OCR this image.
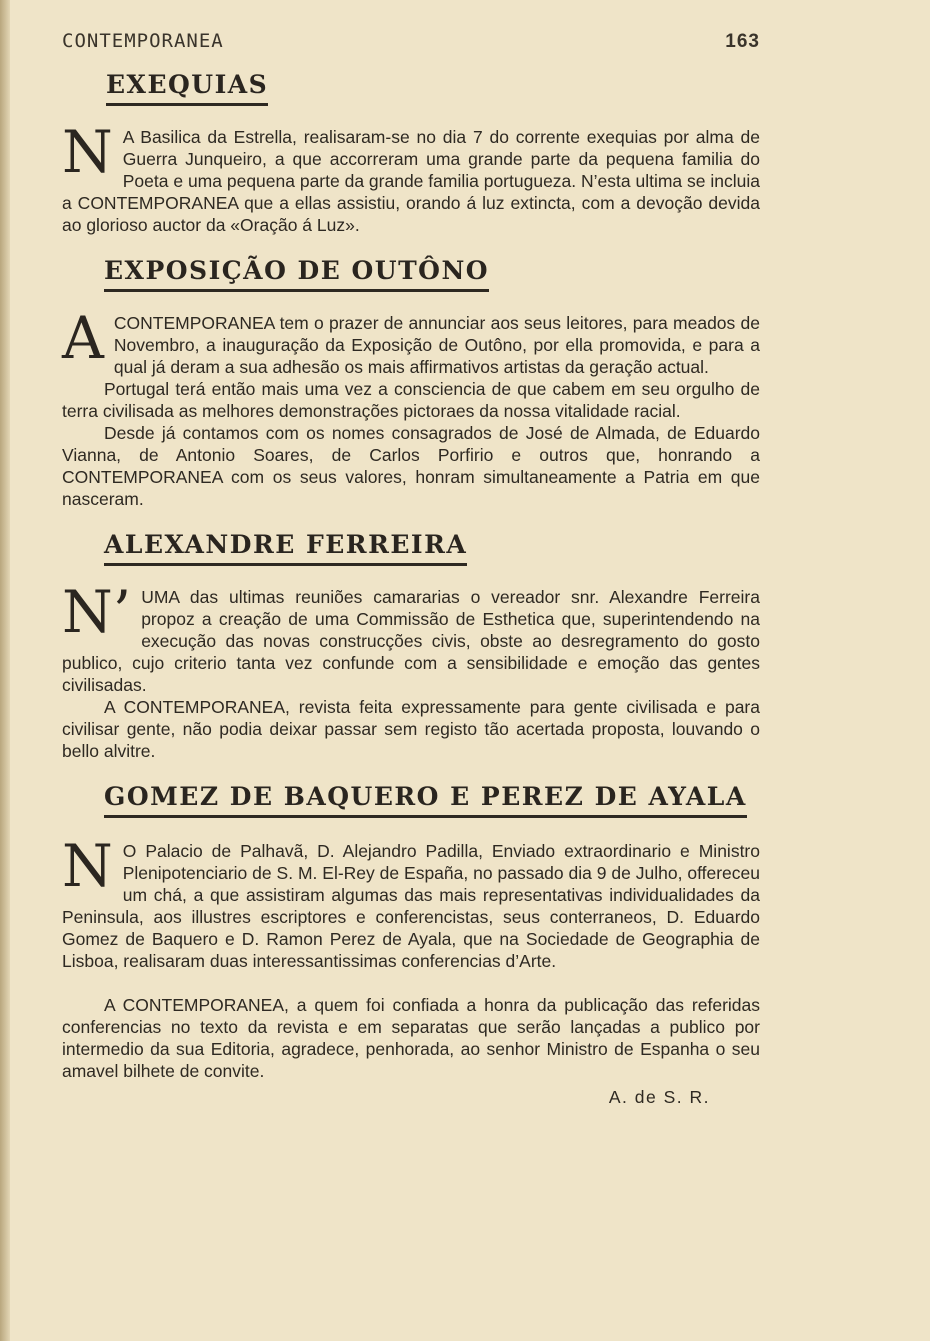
CONTEMPORANEA	163
EXEQUIAS

NA Basilica da Estrella, realisaram-se no dia 7 do corrente exequias por alma de Guerra Junqueiro, a que accorreram uma grande parte da pequena familia do Poeta e uma pequena parte da grande familia portugueza. N’esta ultima se incluia a CONTEMPORANEA que a ellas assistiu, orando á luz extincta, com a devoção devida ao glorioso auctor da «Oração á Luz».

EXPOSIÇÃO DE OUTÔNO

ACONTEMPORANEA tem o prazer de annunciar aos seus leitores, para meados de Novembro, a inauguração da Exposição de Outôno, por ella promovida, e para a qual já deram a sua adhesão os mais affirmativos artistas da geração actual.

Portugal terá então mais uma vez a consciencia de que cabem em seu orgulho de terra civilisada as melhores demonstrações pictoraes da nossa vitalidade racial.

Desde já contamos com os nomes consagrados de José de Almada, de Eduardo Vianna, de Antonio Soares, de Carlos Porfirio e outros que, honrando a CONTEMPORANEA com os seus valores, honram simultaneamente a Patria em que nasceram.

ALEXANDRE FERREIRA

N’UMA das ultimas reuniões camararias o vereador snr. Alexandre Ferreira propoz a creação de uma Commissão de Esthetica que, superintendendo na execução das novas construcções civis, obste ao desregramento do gosto publico, cujo criterio tanta vez confunde com a sensibilidade e emoção das gentes civilisadas.

A CONTEMPORANEA, revista feita expressamente para gente civilisada e para civilisar gente, não podia deixar passar sem registo tão acertada proposta, louvando o bello alvitre.

GOMEZ DE BAQUERO E PEREZ DE AYALA

NO Palacio de Palhavã, D. Alejandro Padilla, Enviado extraordinario e Ministro Plenipotenciario de S. M. El-Rey de España, no passado dia 9 de Julho, offereceu um chá, a que assistiram algumas das mais representativas individualidades da Peninsula, aos illustres escriptores e conferencistas, seus conterraneos, D. Eduardo Gomez de Baquero e D. Ramon Perez de Ayala, que na Sociedade de Geographia de Lisboa, realisaram duas interessantissimas conferencias d’Arte.

A CONTEMPORANEA, a quem foi confiada a honra da publicação das referidas conferencias no texto da revista e em separatas que serão lançadas a publico por intermedio da sua Editoria, agradece, penhorada, ao senhor Ministro de Espanha o seu amavel bilhete de convite.

A. de S. R.
